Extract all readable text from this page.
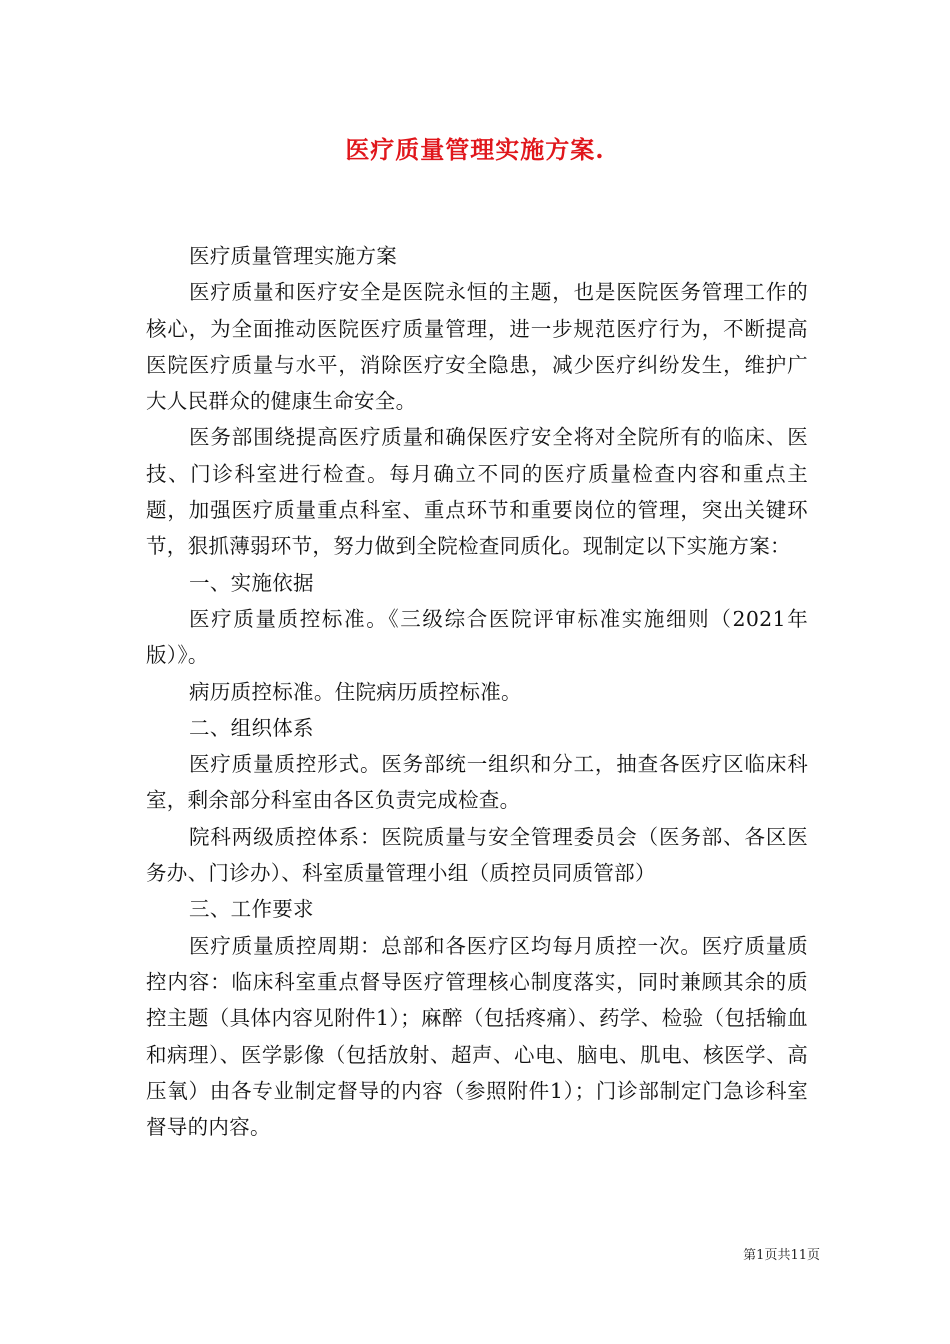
医疗质量管理实施方案.

医疗质量管理实施方案

医疗质量和医疗安全是医院永恒的主题，也是医院医务管理工作的核心，为全面推动医院医疗质量管理，进一步规范医疗行为，不断提高医院医疗质量与水平，消除医疗安全隐患，减少医疗纠纷发生，维护广大人民群众的健康生命安全。

医务部围绕提高医疗质量和确保医疗安全将对全院所有的临床、医技、门诊科室进行检查。每月确立不同的医疗质量检查内容和重点主题，加强医疗质量重点科室、重点环节和重要岗位的管理，突出关键环节，狠抓薄弱环节，努力做到全院检查同质化。现制定以下实施方案：

一、实施依据

医疗质量质控标准。《三级综合医院评审标准实施细则（2021年版）》。

病历质控标准。住院病历质控标准。

二、组织体系

医疗质量质控形式。医务部统一组织和分工，抽查各医疗区临床科室，剩余部分科室由各区负责完成检查。

院科两级质控体系：医院质量与安全管理委员会（医务部、各区医务办、门诊办）、科室质量管理小组（质控员同质管部）

三、工作要求

医疗质量质控周期：总部和各医疗区均每月质控一次。医疗质量质控内容：临床科室重点督导医疗管理核心制度落实，同时兼顾其余的质控主题（具体内容见附件1）；麻醉（包括疼痛）、药学、检验（包括输血和病理）、医学影像（包括放射、超声、心电、脑电、肌电、核医学、高压氧）由各专业制定督导的内容（参照附件1）；门诊部制定门急诊科室督导的内容。

第1页共11页
